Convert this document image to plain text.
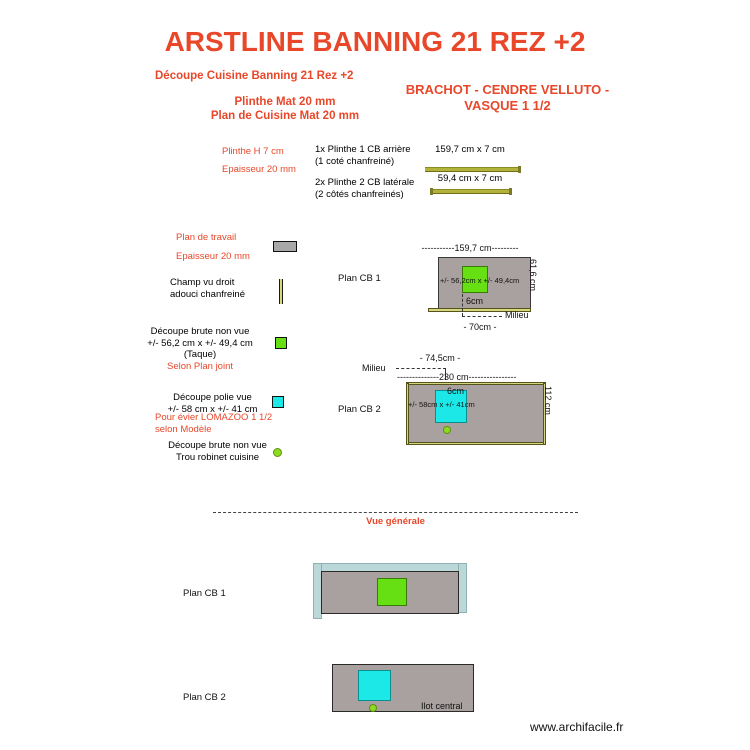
ARSTLINE BANNING 21 REZ +2
Découpe Cuisine Banning 21 Rez +2
Plinthe Mat 20 mm
Plan de Cuisine Mat 20 mm
BRACHOT - CENDRE VELLUTO -
VASQUE 1 1/2
Plinthe H 7 cm
Epaisseur 20 mm
1x Plinthe 1 CB arrière
(1 coté chanfreiné)
159,7 cm x 7 cm
2x Plinthe 2 CB latérale
(2 côtés chanfreinés)
59,4 cm x 7 cm
Plan de travail
Epaisseur 20 mm
Champ vu droit
adouci chanfreiné
Découpe brute non vue
+/- 56,2 cm x +/- 49,4 cm (Taque)
Selon Plan joint
Découpe polie vue
+/- 58 cm x +/- 41 cm
Pour évier LOMAZOO 1 1/2
selon Modèle
Découpe brute non vue
Trou robinet cuisine
Plan CB 1
-----------159,7 cm---------
+/- 56,2cm x +/- 49,4cm 61,6 cm
6cm
Milieu
- 70cm -
Plan CB 2
- 74,5cm -
Milieu
--------------230 cm----------------
+/- 58cm x +/- 41cm
6cm	112 cm
Vue générale
Plan CB 1
Plan CB 2
Ilot central
www.archifacile.fr
